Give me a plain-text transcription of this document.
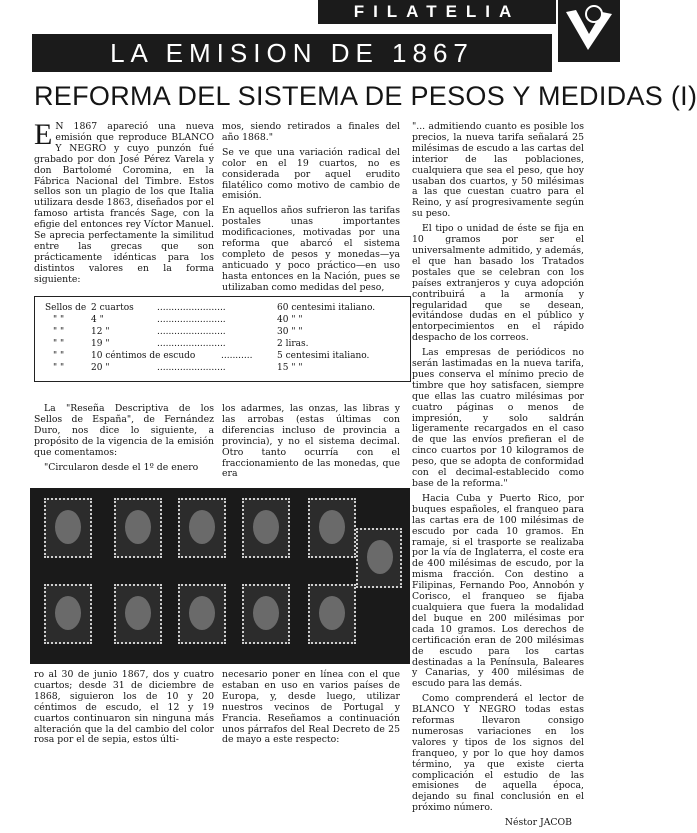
FILATELIA
LA EMISION DE 1867
REFORMA DEL SISTEMA DE PESOS Y MEDIDAS (I)
E N 1867 apareció una nueva emisión que reproduce BLANCO Y NEGRO y cuyo punzón fué grabado por don José Pérez Varela y don Bartolomé Coromina, en la Fábrica Nacional del Timbre. Estos sellos son un plagio de los que Italia utilizara desde 1863, diseñados por el famoso artista francés Sage, con la efigie del entonces rey Víctor Manuel. Se aprecia perfectamente la similitud entre las grecas que son prácticamente idénticas para los distintos valores en la forma siguiente:

mos, siendo retirados a finales del año 1868."

Se ve que una variación radical del color en el 19 cuartos, no es considerada por aquel erudito filatélico como motivo de cambio de emisión.

En aquellos años sufrieron las tarifas postales unas importantes modificaciones, motivadas por una reforma que abarcó el sistema completo de pesos y monedas—ya anticuado y poco práctico—en uso hasta entonces en la Nación, pues se utilizaban como medidas del peso,

Sellos de 2 cuartos	........................	60 centesimi italiano.
" "	4 "	........................	40 " "
" "	12 "	........................	30 " "
" "	19 "	........................	2 liras.
" "	10 céntimos de escudo	...........	5 centesimi italiano.
" "	20 "	........................	15 " "

La "Reseña Descriptiva de los Sellos de España", de Fernández Duro, nos dice lo siguiente, a propósito de la vigencia de la emisión que comentamos:

"Circularon desde el 1º de enero

los adarmes, las onzas, las libras y las arrobas (estas últimas con diferencias incluso de provincia a provincia), y no el sistema decimal. Otro tanto ocurría con el fraccionamiento de las monedas, que era

ro al 30 de junio 1867, dos y cuatro cuartos; desde 31 de diciembre de 1868, siguieron los de 10 y 20 céntimos de escudo, el 12 y 19 cuartos continuaron sin ninguna más alteración que la del cambio del color rosa por el de sepia, estos últi-

necesario poner en línea con el que estaban en uso en varios países de Europa, y, desde luego, utilizar nuestros vecinos de Portugal y Francia. Reseñamos a continuación unos párrafos del Real Decreto de 25 de mayo a este respecto:

"... admitiendo cuanto es posible los precios, la nueva tarifa señalará 25 milésimas de escudo a las cartas del interior de las poblaciones, cualquiera que sea el peso, que hoy usaban dos cuartos, y 50 milésimas a las que cuestan cuatro para el Reino, y así progresivamente según su peso.

El tipo o unidad de éste se fija en 10 gramos por ser el universalmente admitido, y además, el que han basado los Tratados postales que se celebran con los países extranjeros y cuya adopción contribuirá a la armonía y regularidad que se desean, evitándose dudas en el público y entorpecimientos en el rápido despacho de los correos.

Las empresas de periódicos no serán lastimadas en la nueva tarifa, pues conserva el mínimo precio de timbre que hoy satisfacen, siempre que ellas las cuatro milésimas por cuatro páginas o menos de impresión, y solo saldrán ligeramente recargados en el caso de que las envíos prefieran el de cinco cuartos por 10 kilogramos de peso, que se adopta de conformidad con el decimal-establecido como base de la reforma."

Hacia Cuba y Puerto Rico, por buques españoles, el franqueo para las cartas era de 100 milésimas de escudo por cada 10 gramos. En ramaje, si el trasporte se realizaba por la vía de Inglaterra, el coste era de 400 milésimas de escudo, por la misma fracción. Con destino a Filipinas, Fernando Poo, Annobón y Corisco, el franqueo se fijaba cualquiera que fuera la modalidad del buque en 200 milésimas por cada 10 gramos. Los derechos de certificación eran de 200 milésimas de escudo para los cartas destinadas a la Península, Baleares y Canarias, y 400 milésimas de escudo para las demás.

Como comprenderá el lector de BLANCO Y NEGRO todas estas reformas llevaron consigo numerosas variaciones en los valores y tipos de los signos del franqueo, y por lo que hoy damos término, ya que existe cierta complicación el estudio de las emisiones de aquella época, dejando su final conclusión en el próximo número.

Néstor JACOB
